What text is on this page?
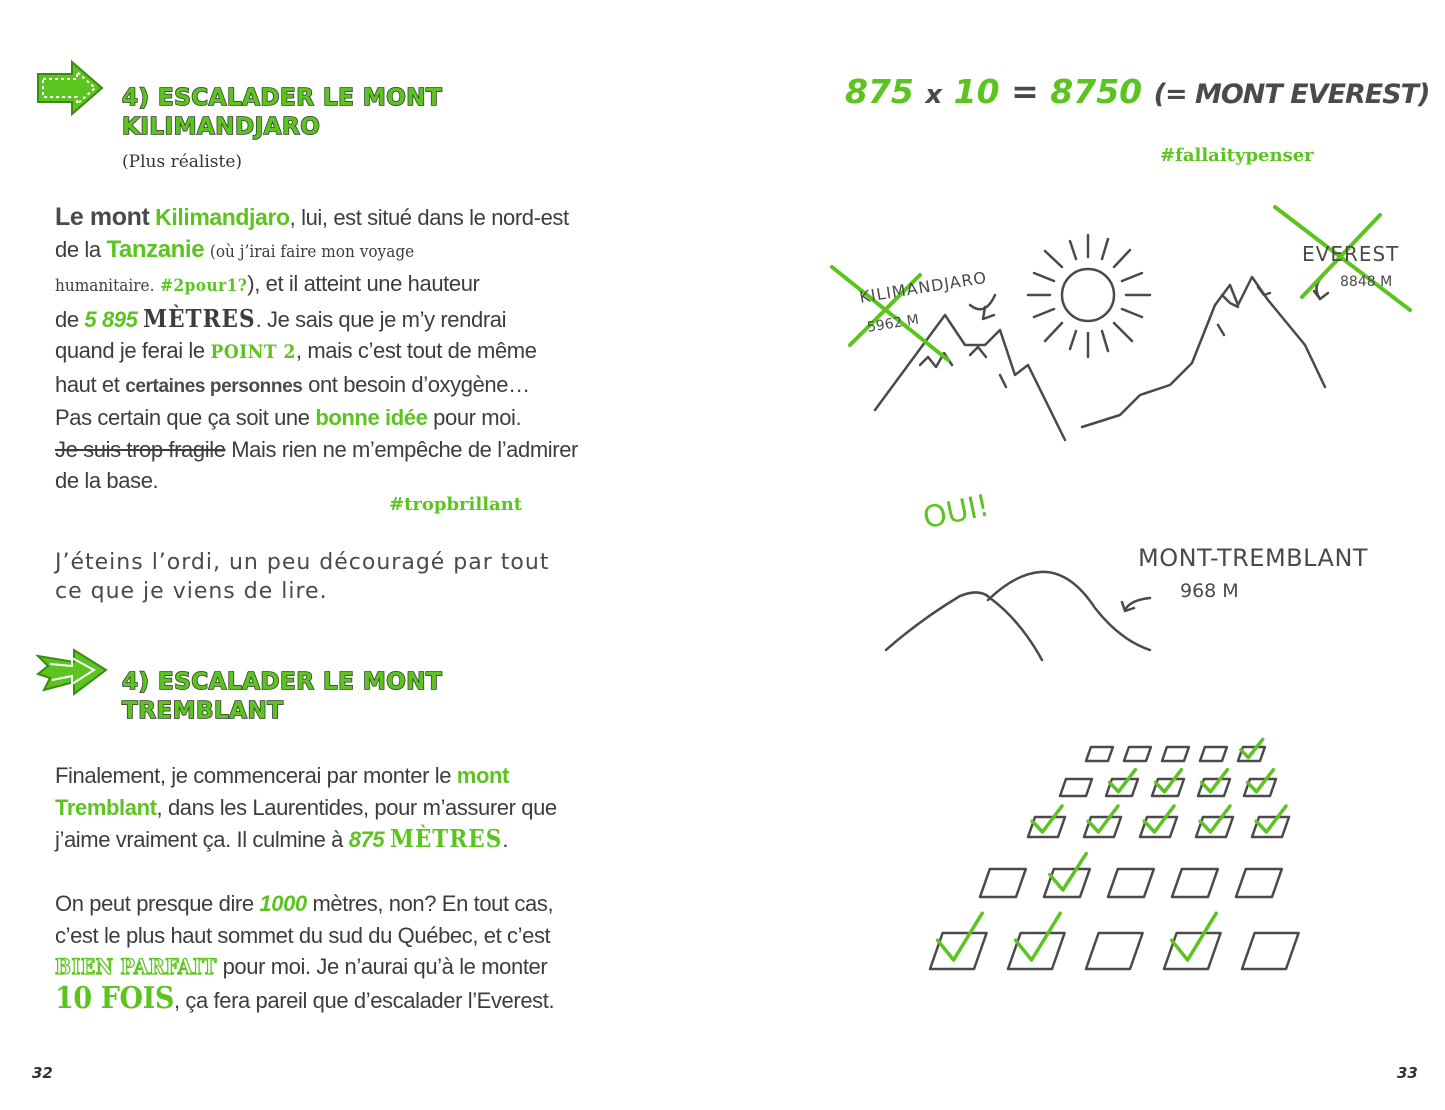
4) ESCALADER LE MONT
KILIMANDJARO
(Plus réaliste)
Le mont Kilimandjaro, lui, est situé dans le nord-est
de la Tanzanie (où j’irai faire mon voyage
humanitaire. #2pour1?), et il atteint une hauteur
de 5 895 MÈTRES. Je sais que je m’y rendrai
quand je ferai le POINT 2, mais c’est tout de même
haut et certaines personnes ont besoin d’oxygène…
Pas certain que ça soit une bonne idée pour moi.
Je suis trop fragile Mais rien ne m’empêche de l’admirer
de la base.
#tropbrillant
J’éteins l’ordi, un peu découragé par tout
ce que je viens de lire.
4) ESCALADER LE MONT
TREMBLANT
Finalement, je commencerai par monter le mont
Tremblant, dans les Laurentides, pour m’assurer que
j’aime vraiment ça. Il culmine à 875 MÈTRES.
On peut presque dire 1000 mètres, non? En tout cas,
c’est le plus haut sommet du sud du Québec, et c’est
BIEN PARFAIT pour moi. Je n’aurai qu’à le monter
10 FOIS, ça fera pareil que d’escalader l’Everest.
32
875 x 10 = 8750 (= MONT EVEREST)
#fallaitypenser
KILIMANDJARO
5962 M
EVEREST
8848 M
OUI!
MONT-TREMBLANT
968 M
33
